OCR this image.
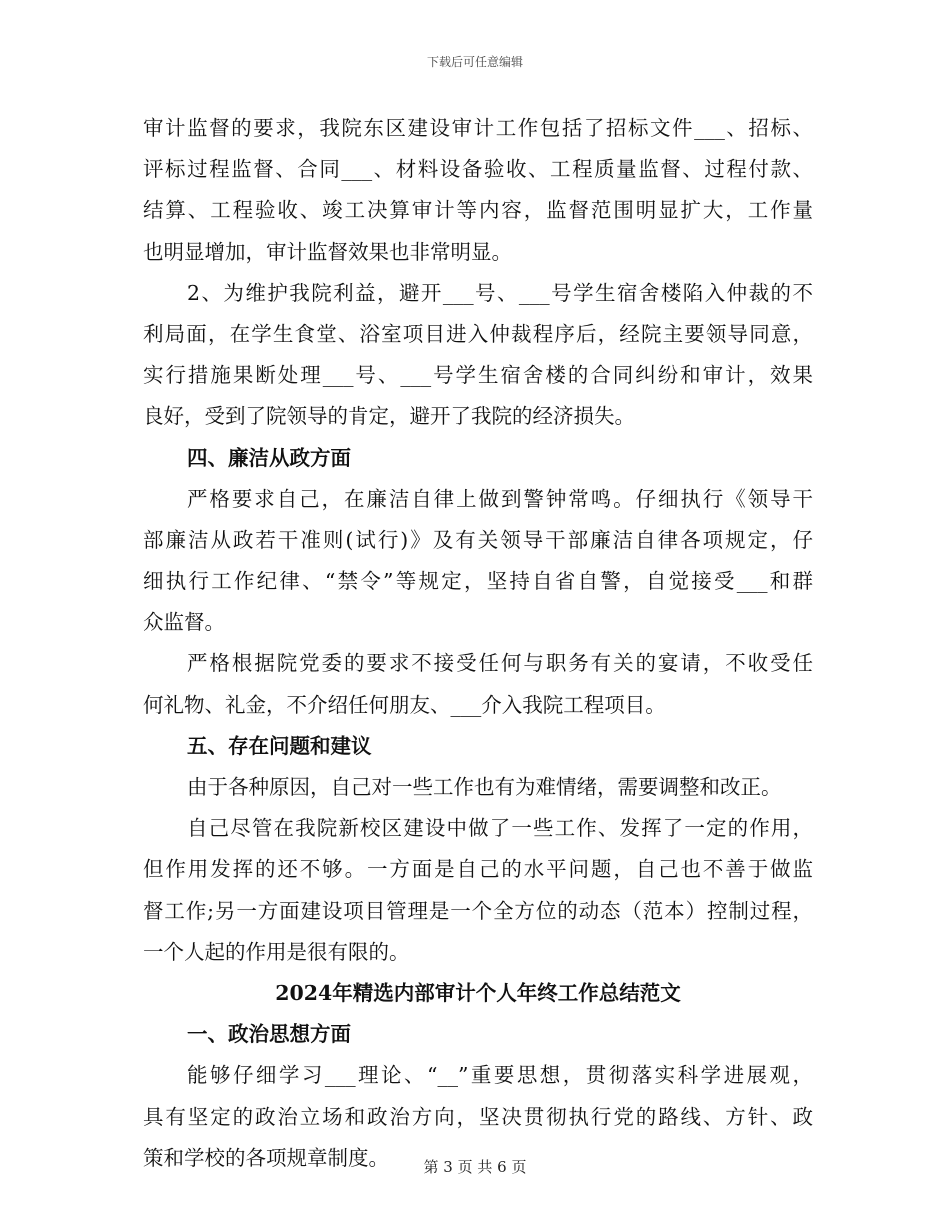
下载后可任意编辑
审计监督的要求，我院东区建设审计工作包括了招标文件___、招标、
评标过程监督、合同___、材料设备验收、工程质量监督、过程付款、
结算、工程验收、竣工决算审计等内容，监督范围明显扩大，工作量
也明显增加，审计监督效果也非常明显。
2、为维护我院利益，避开___号、___号学生宿舍楼陷入仲裁的不
利局面，在学生食堂、浴室项目进入仲裁程序后，经院主要领导同意，
实行措施果断处理___号、___号学生宿舍楼的合同纠纷和审计，效果
良好，受到了院领导的肯定，避开了我院的经济损失。
四、廉洁从政方面
严格要求自己，在廉洁自律上做到警钟常鸣。仔细执行《领导干
部廉洁从政若干准则(试行)》及有关领导干部廉洁自律各项规定，仔
细执行工作纪律、“禁令”等规定，坚持自省自警，自觉接受___和群
众监督。
严格根据院党委的要求不接受任何与职务有关的宴请，不收受任
何礼物、礼金，不介绍任何朋友、___介入我院工程项目。
五、存在问题和建议
由于各种原因，自己对一些工作也有为难情绪，需要调整和改正。
自己尽管在我院新校区建设中做了一些工作、发挥了一定的作用，
但作用发挥的还不够。一方面是自己的水平问题，自己也不善于做监
督工作;另一方面建设项目管理是一个全方位的动态（范本）控制过程，
一个人起的作用是很有限的。
2024年精选内部审计个人年终工作总结范文
一、政治思想方面
能够仔细学习___理论、“__”重要思想，贯彻落实科学进展观，
具有坚定的政治立场和政治方向，坚决贯彻执行党的路线、方针、政
策和学校的各项规章制度。	第 3 页 共 6 页
